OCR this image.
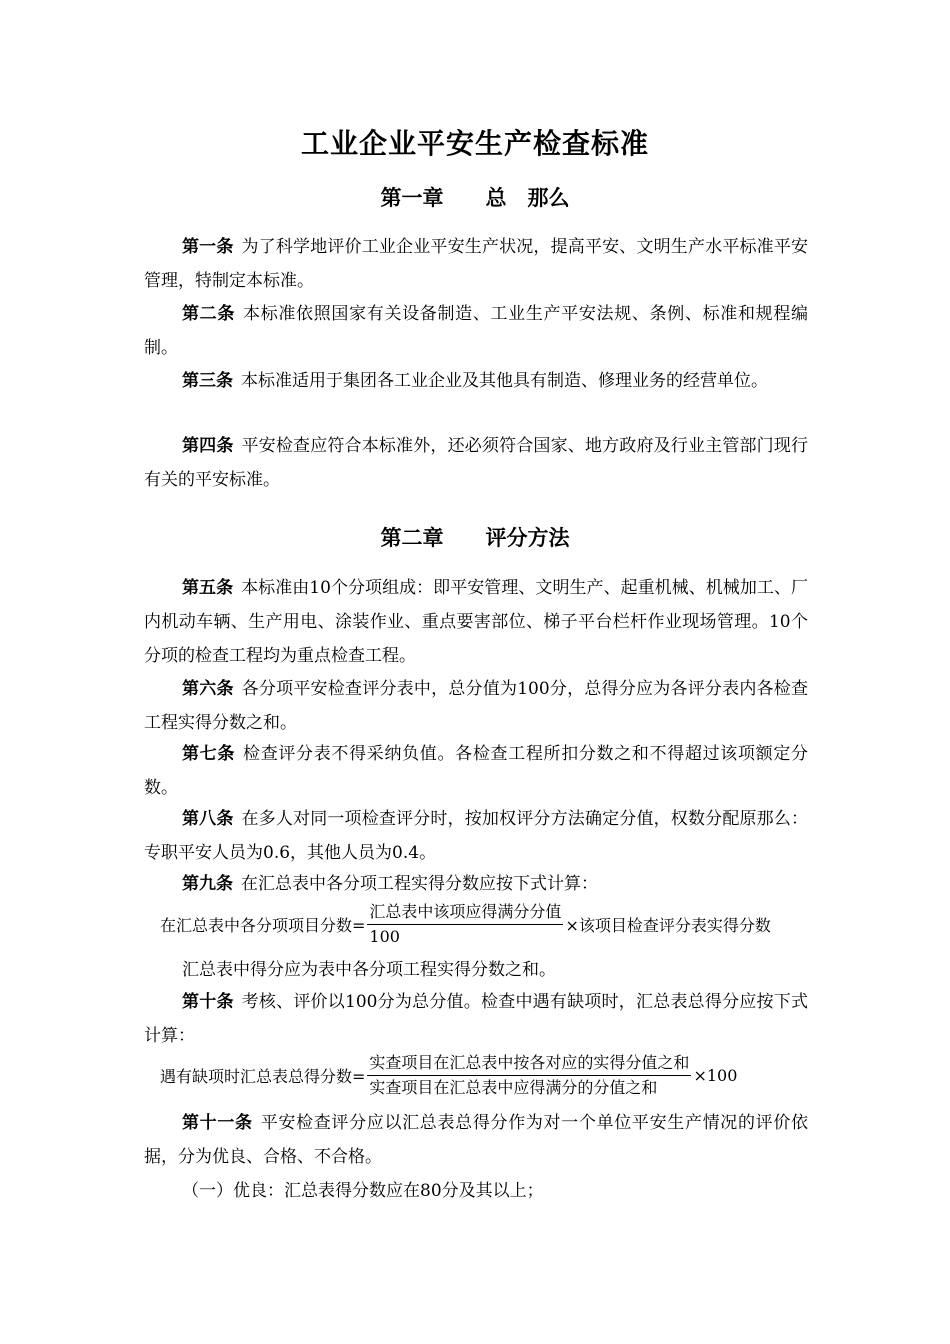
工业企业平安生产检查标准
第一章　　总　那么
第一条 为了科学地评价工业企业平安生产状况，提高平安、文明生产水平标准平安管理，特制定本标准。
第二条 本标准依照国家有关设备制造、工业生产平安法规、条例、标准和规程编制。
第三条 本标准适用于集团各工业企业及其他具有制造、修理业务的经营单位。
第四条 平安检查应符合本标准外，还必须符合国家、地方政府及行业主管部门现行有关的平安标准。
第二章　　评分方法
第五条 本标准由10个分项组成：即平安管理、文明生产、起重机械、机械加工、厂内机动车辆、生产用电、涂装作业、重点要害部位、梯子平台栏杆作业现场管理。10个分项的检查工程均为重点检查工程。
第六条 各分项平安检查评分表中，总分值为100分，总得分应为各评分表内各检查工程实得分数之和。
第七条 检查评分表不得采纳负值。各检查工程所扣分数之和不得超过该项额定分数。
第八条 在多人对同一项检查评分时，按加权评分方法确定分值，权数分配原那么：专职平安人员为0.6，其他人员为0.4。
第九条 在汇总表中各分项工程实得分数应按下式计算：
在汇总表中各分项项目分数= $\frac{\text{汇总表中该项应得满分分值}}{100}$ ×该项目检查评分表实得分数
汇总表中得分应为表中各分项工程实得分数之和。
第十条 考核、评价以100分为总分值。检查中遇有缺项时，汇总表总得分应按下式计算：
遇有缺项时汇总表总得分数= $\frac{\text{实查项目在汇总表中按各对应的实得分值之和}}{\text{实查项目在汇总表中应得满分的分值之和}} \times 100$
第十一条 平安检查评分应以汇总表总得分作为对一个单位平安生产情况的评价依据，分为优良、合格、不合格。
（一）优良：汇总表得分数应在80分及其以上；
